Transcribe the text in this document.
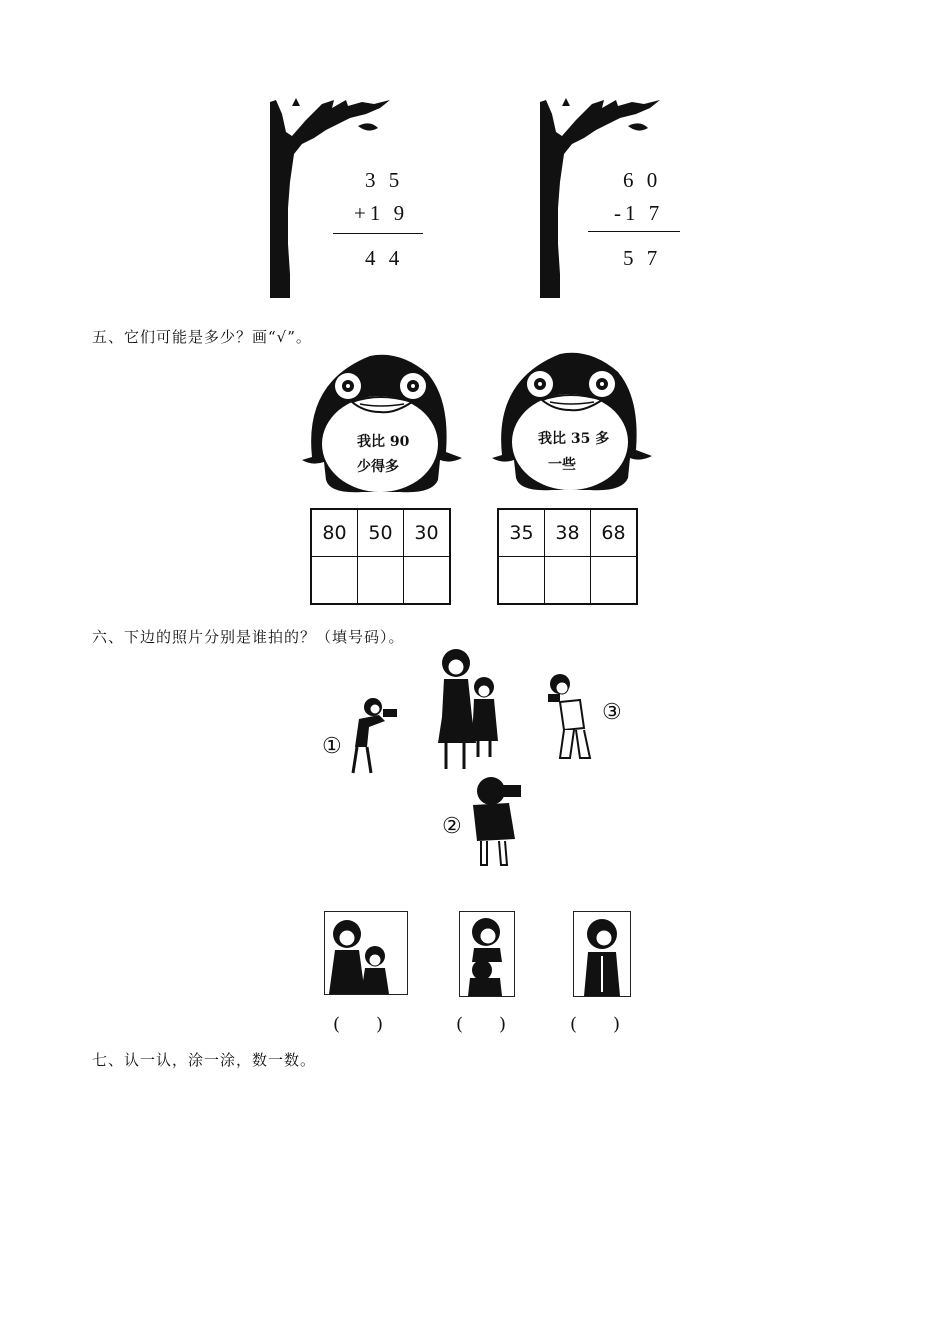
3 5
+1 9
4 4
6 0
-1 7
5 7
五、它们可能是多少？画“√”。
我比 90
少得多
我比 35 多
一些
80	50	30
			35	38	68

六、下边的照片分别是谁拍的？（填号码）。
①
②
③
(　　)	(　　)	(　　)
七、认一认，涂一涂，数一数。
